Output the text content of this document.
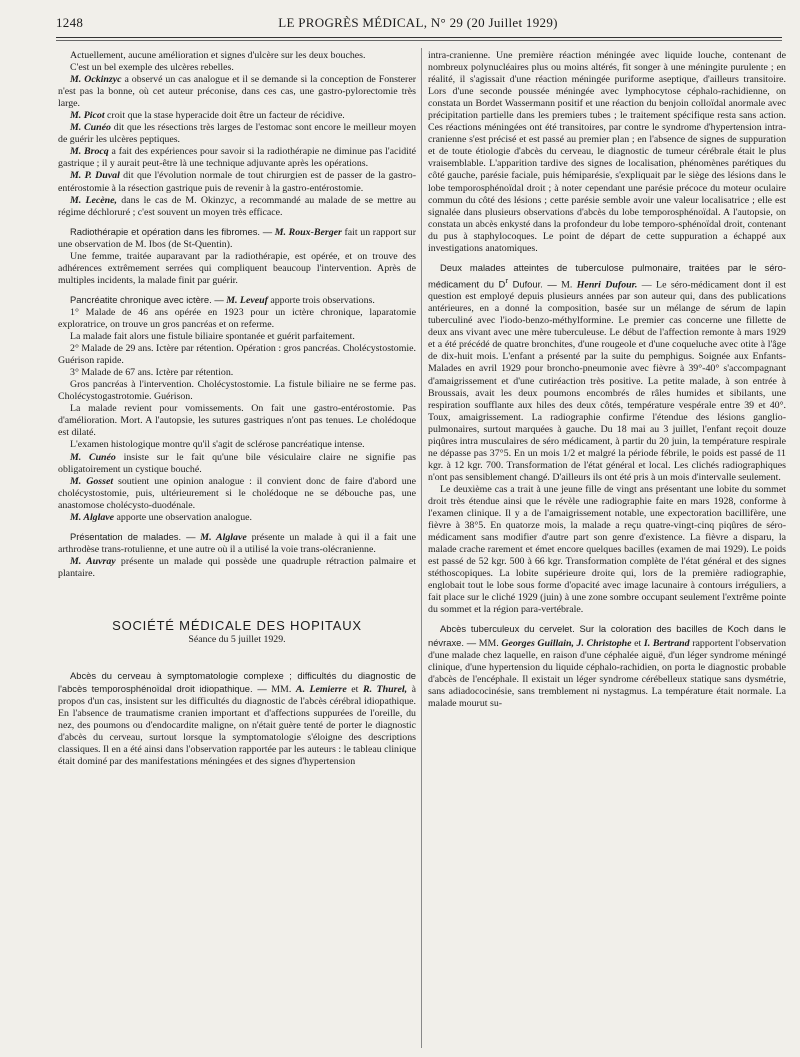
1248	LE PROGRÈS MÉDICAL, N° 29 (20 Juillet 1929)

Actuellement, aucune amélioration et signes d'ulcère sur les deux bouches.

C'est un bel exemple des ulcères rebelles.

M. Ockinzyc a observé un cas analogue et il se demande si la conception de Fonsterer n'est pas la bonne, où cet auteur préconise, dans ces cas, une gastro-pylorectomie très large.

M. Picot croit que la stase hyperacide doit être un facteur de récidive.

M. Cunéo dit que les résections très larges de l'estomac sont encore le meilleur moyen de guérir les ulcères peptiques.

M. Brocq a fait des expériences pour savoir si la radiothérapie ne diminue pas l'acidité gastrique ; il y aurait peut-être là une technique adjuvante après les opérations.

M. P. Duval dit que l'évolution normale de tout chirurgien est de passer de la gastro-entérostomie à la résection gastrique puis de revenir à la gastro-entérostomie.

M. Lecène, dans le cas de M. Okinzyc, a recommandé au malade de se mettre au régime déchloruré ; c'est souvent un moyen très efficace.

Radiothérapie et opération dans les fibromes. — M. Roux-Berger fait un rapport sur une observation de M. Ibos (de St-Quentin).

Une femme, traitée auparavant par la radiothérapie, est opérée, et on trouve des adhérences extrêmement serrées qui compliquent beaucoup l'intervention. Après de multiples incidents, la malade finit par guérir.

Pancréatite chronique avec ictère. — M. Leveuf apporte trois observations.

1° Malade de 46 ans opérée en 1923 pour un ictère chronique, laparatomie exploratrice, on trouve un gros pancréas et on referme.

La malade fait alors une fistule biliaire spontanée et guérit parfaitement.

2° Malade de 29 ans. Ictère par rétention. Opération : gros pancréas. Cholécystostomie. Guérison rapide.

3° Malade de 67 ans. Ictère par rétention.

Gros pancréas à l'intervention. Cholécystostomie. La fistule biliaire ne se ferme pas. Cholécystogastrotomie. Guérison.

La malade revient pour vomissements. On fait une gastro-entérostomie. Pas d'amélioration. Mort. A l'autopsie, les sutures gastriques n'ont pas tenues. Le cholédoque est dilaté.

L'examen histologique montre qu'il s'agit de sclérose pancréatique intense.

M. Cunéo insiste sur le fait qu'une bile vésiculaire claire ne signifie pas obligatoirement un cystique bouché.

M. Gosset soutient une opinion analogue : il convient donc de faire d'abord une cholécystostomie, puis, ultérieurement si le cholédoque ne se débouche pas, une anastomose cholécysto-duodénale.

M. Alglave apporte une observation analogue.

Présentation de malades. — M. Alglave présente un malade à qui il a fait une arthrodèse trans-rotulienne, et une autre où il a utilisé la voie trans-olécranienne.

M. Auvray présente un malade qui possède une quadruple rétraction palmaire et plantaire.

SOCIÉTÉ MÉDICALE DES HOPITAUX

Séance du 5 juillet 1929.

Abcès du cerveau à symptomatologie complexe ; difficultés du diagnostic de l'abcès temporosphénoïdal droit idiopathique. — MM. A. Lemierre et R. Thurel, à propos d'un cas, insistent sur les difficultés du diagnostic de l'abcès cérébral idiopathique. En l'absence de traumatisme cranien important et d'affections suppurées de l'oreille, du nez, des poumons ou d'endocardite maligne, on n'était guère tenté de porter le diagnostic d'abcès du cerveau, surtout lorsque la symptomatologie s'éloigne des descriptions classiques. Il en a été ainsi dans l'observation rapportée par les auteurs : le tableau clinique était dominé par des manifestations méningées et des signes d'hypertension

intra-cranienne. Une première réaction méningée avec liquide louche, contenant de nombreux polynucléaires plus ou moins altérés, fit songer à une méningite purulente ; en réalité, il s'agissait d'une réaction méningée puriforme aseptique, d'ailleurs transitoire. Lors d'une seconde poussée méningée avec lymphocytose céphalo-rachidienne, on constata un Bordet Wassermann positif et une réaction du benjoin colloïdal anormale avec précipitation partielle dans les premiers tubes ; le traitement spécifique resta sans action. Ces réactions méningées ont été transitoires, par contre le syndrome d'hypertension intra-cranienne s'est précisé et est passé au premier plan ; en l'absence de signes de suppuration et de toute étiologie d'abcès du cerveau, le diagnostic de tumeur cérébrale était le plus vraisemblable. L'apparition tardive des signes de localisation, phénomènes parétiques du côté gauche, parésie faciale, puis hémiparésie, s'expliquait par le siège des lésions dans le lobe temporosphénoïdal droit ; à noter cependant une parésie précoce du moteur oculaire commun du côté des lésions ; cette parésie semble avoir une valeur localisatrice ; elle est signalée dans plusieurs observations d'abcès du lobe temporosphénoïdal. A l'autopsie, on constata un abcès enkysté dans la profondeur du lobe temporo-sphénoïdal droit, contenant du pus à staphylocoques. Le point de départ de cette suppuration a échappé aux investigations anatomiques.

Deux malades atteintes de tuberculose pulmonaire, traitées par le séro-médicament du $D^r$ Dufour. — M. Henri Dufour. — Le séro-médicament dont il est question est employé depuis plusieurs années par son auteur qui, dans des publications antérieures, en a donné la composition, basée sur un mélange de sérum de lapin tuberculiné avec l'iodo-benzo-méthylformine. Le premier cas concerne une fillette de deux ans vivant avec une mère tuberculeuse. Le début de l'affection remonte à mars 1929 et a été précédé de quatre bronchites, d'une rougeole et d'une coqueluche avec otite à l'âge de dix-huit mois. L'enfant a présenté par la suite du pemphigus. Soignée aux Enfants-Malades en avril 1929 pour broncho-pneumonie avec fièvre à 39°-40° s'accompagnant d'amaigrissement et d'une cutiréaction très positive. La petite malade, à son entrée à Broussais, avait les deux poumons encombrés de râles humides et sibilants, une respiration soufflante aux hiles des deux côtés, température vespérale entre 39 et 40°. Toux, amaigrissement. La radiographie confirme l'étendue des lésions ganglio-pulmonaires, surtout marquées à gauche. Du 18 mai au 3 juillet, l'enfant reçoit douze piqûres intra musculaires de séro médicament, à partir du 20 juin, la température respirale ne dépasse pas 37°5. En un mois 1/2 et malgré la période fébrile, le poids est passé de 11 kgr. à 12 kgr. 700. Transformation de l'état général et local. Les clichés radiographiques n'ont pas sensiblement changé. D'ailleurs ils ont été pris à un mois d'intervalle seulement.

Le deuxième cas a trait à une jeune fille de vingt ans présentant une lobite du sommet droit très étendue ainsi que le révèle une radiographie faite en mars 1928, conforme à l'examen clinique. Il y a de l'amaigrissement notable, une expectoration bacillifère, une fièvre à 38°5. En quatorze mois, la malade a reçu quatre-vingt-cinq piqûres de séro-médicament sans modifier d'autre part son genre d'existence. La fièvre a disparu, la malade crache rarement et émet encore quelques bacilles (examen de mai 1929). Le poids est passé de 52 kgr. 500 à 66 kgr. Transformation complète de l'état général et des signes stéthoscopiques. La lobite supérieure droite qui, lors de la première radiographie, englobait tout le lobe sous forme d'opacité avec image lacunaire à contours irréguliers, a fait place sur le cliché 1929 (juin) à une zone sombre occupant seulement l'extrême pointe du sommet et la région para-vertébrale.

Abcès tuberculeux du cervelet. Sur la coloration des bacilles de Koch dans le névraxe. — MM. Georges Guillain, J. Christophe et I. Bertrand rapportent l'observation d'une malade chez laquelle, en raison d'une céphalée aiguë, d'un léger syndrome méningé clinique, d'une hypertension du liquide céphalo-rachidien, on porta le diagnostic probable d'abcès de l'encéphale. Il existait un léger syndrome cérébelleux statique sans dysmétrie, sans adiadococinésie, sans tremblement ni nystagmus. La température était normale. La malade mourut su-
